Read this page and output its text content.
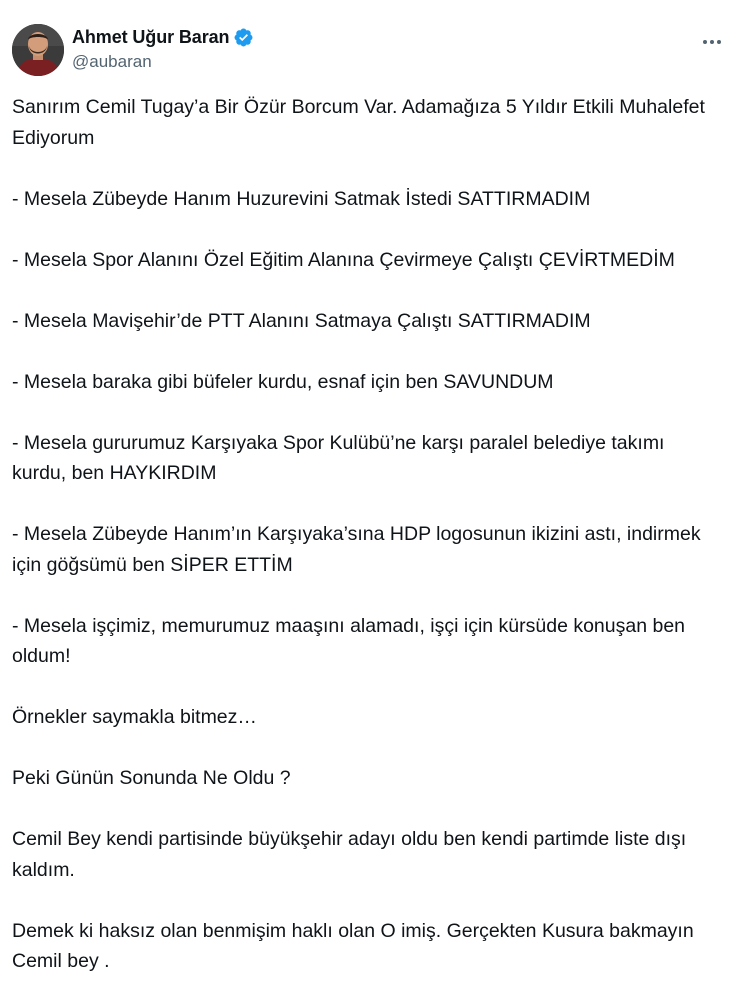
Ahmet Uğur Baran
@aubaran

Sanırım Cemil Tugay’a Bir Özür Borcum Var. Adamağıza 5 Yıldır Etkili Muhalefet Ediyorum

- Mesela Zübeyde Hanım Huzurevini Satmak İstedi SATTIRMADIM

- Mesela Spor Alanını Özel Eğitim Alanına Çevirmeye Çalıştı ÇEVİRTMEDİM

- Mesela Mavişehir’de PTT Alanını Satmaya Çalıştı SATTIRMADIM

- Mesela baraka gibi büfeler kurdu, esnaf için ben SAVUNDUM

- Mesela gururumuz Karşıyaka Spor Kulübü’ne karşı paralel belediye takımı kurdu, ben HAYKIRDIM

- Mesela Zübeyde Hanım’ın Karşıyaka’sına HDP logosunun ikizini astı, indirmek için göğsümü ben SİPER ETTİM

- Mesela işçimiz, memurumuz maaşını alamadı, işçi için kürsüde konuşan ben oldum!

Örnekler saymakla bitmez…

Peki Günün Sonunda Ne Oldu ?

Cemil Bey kendi partisinde büyükşehir adayı oldu ben kendi partimde liste dışı kaldım.

Demek ki haksız olan benmişim haklı olan O imiş. Gerçekten Kusura bakmayın Cemil bey .
